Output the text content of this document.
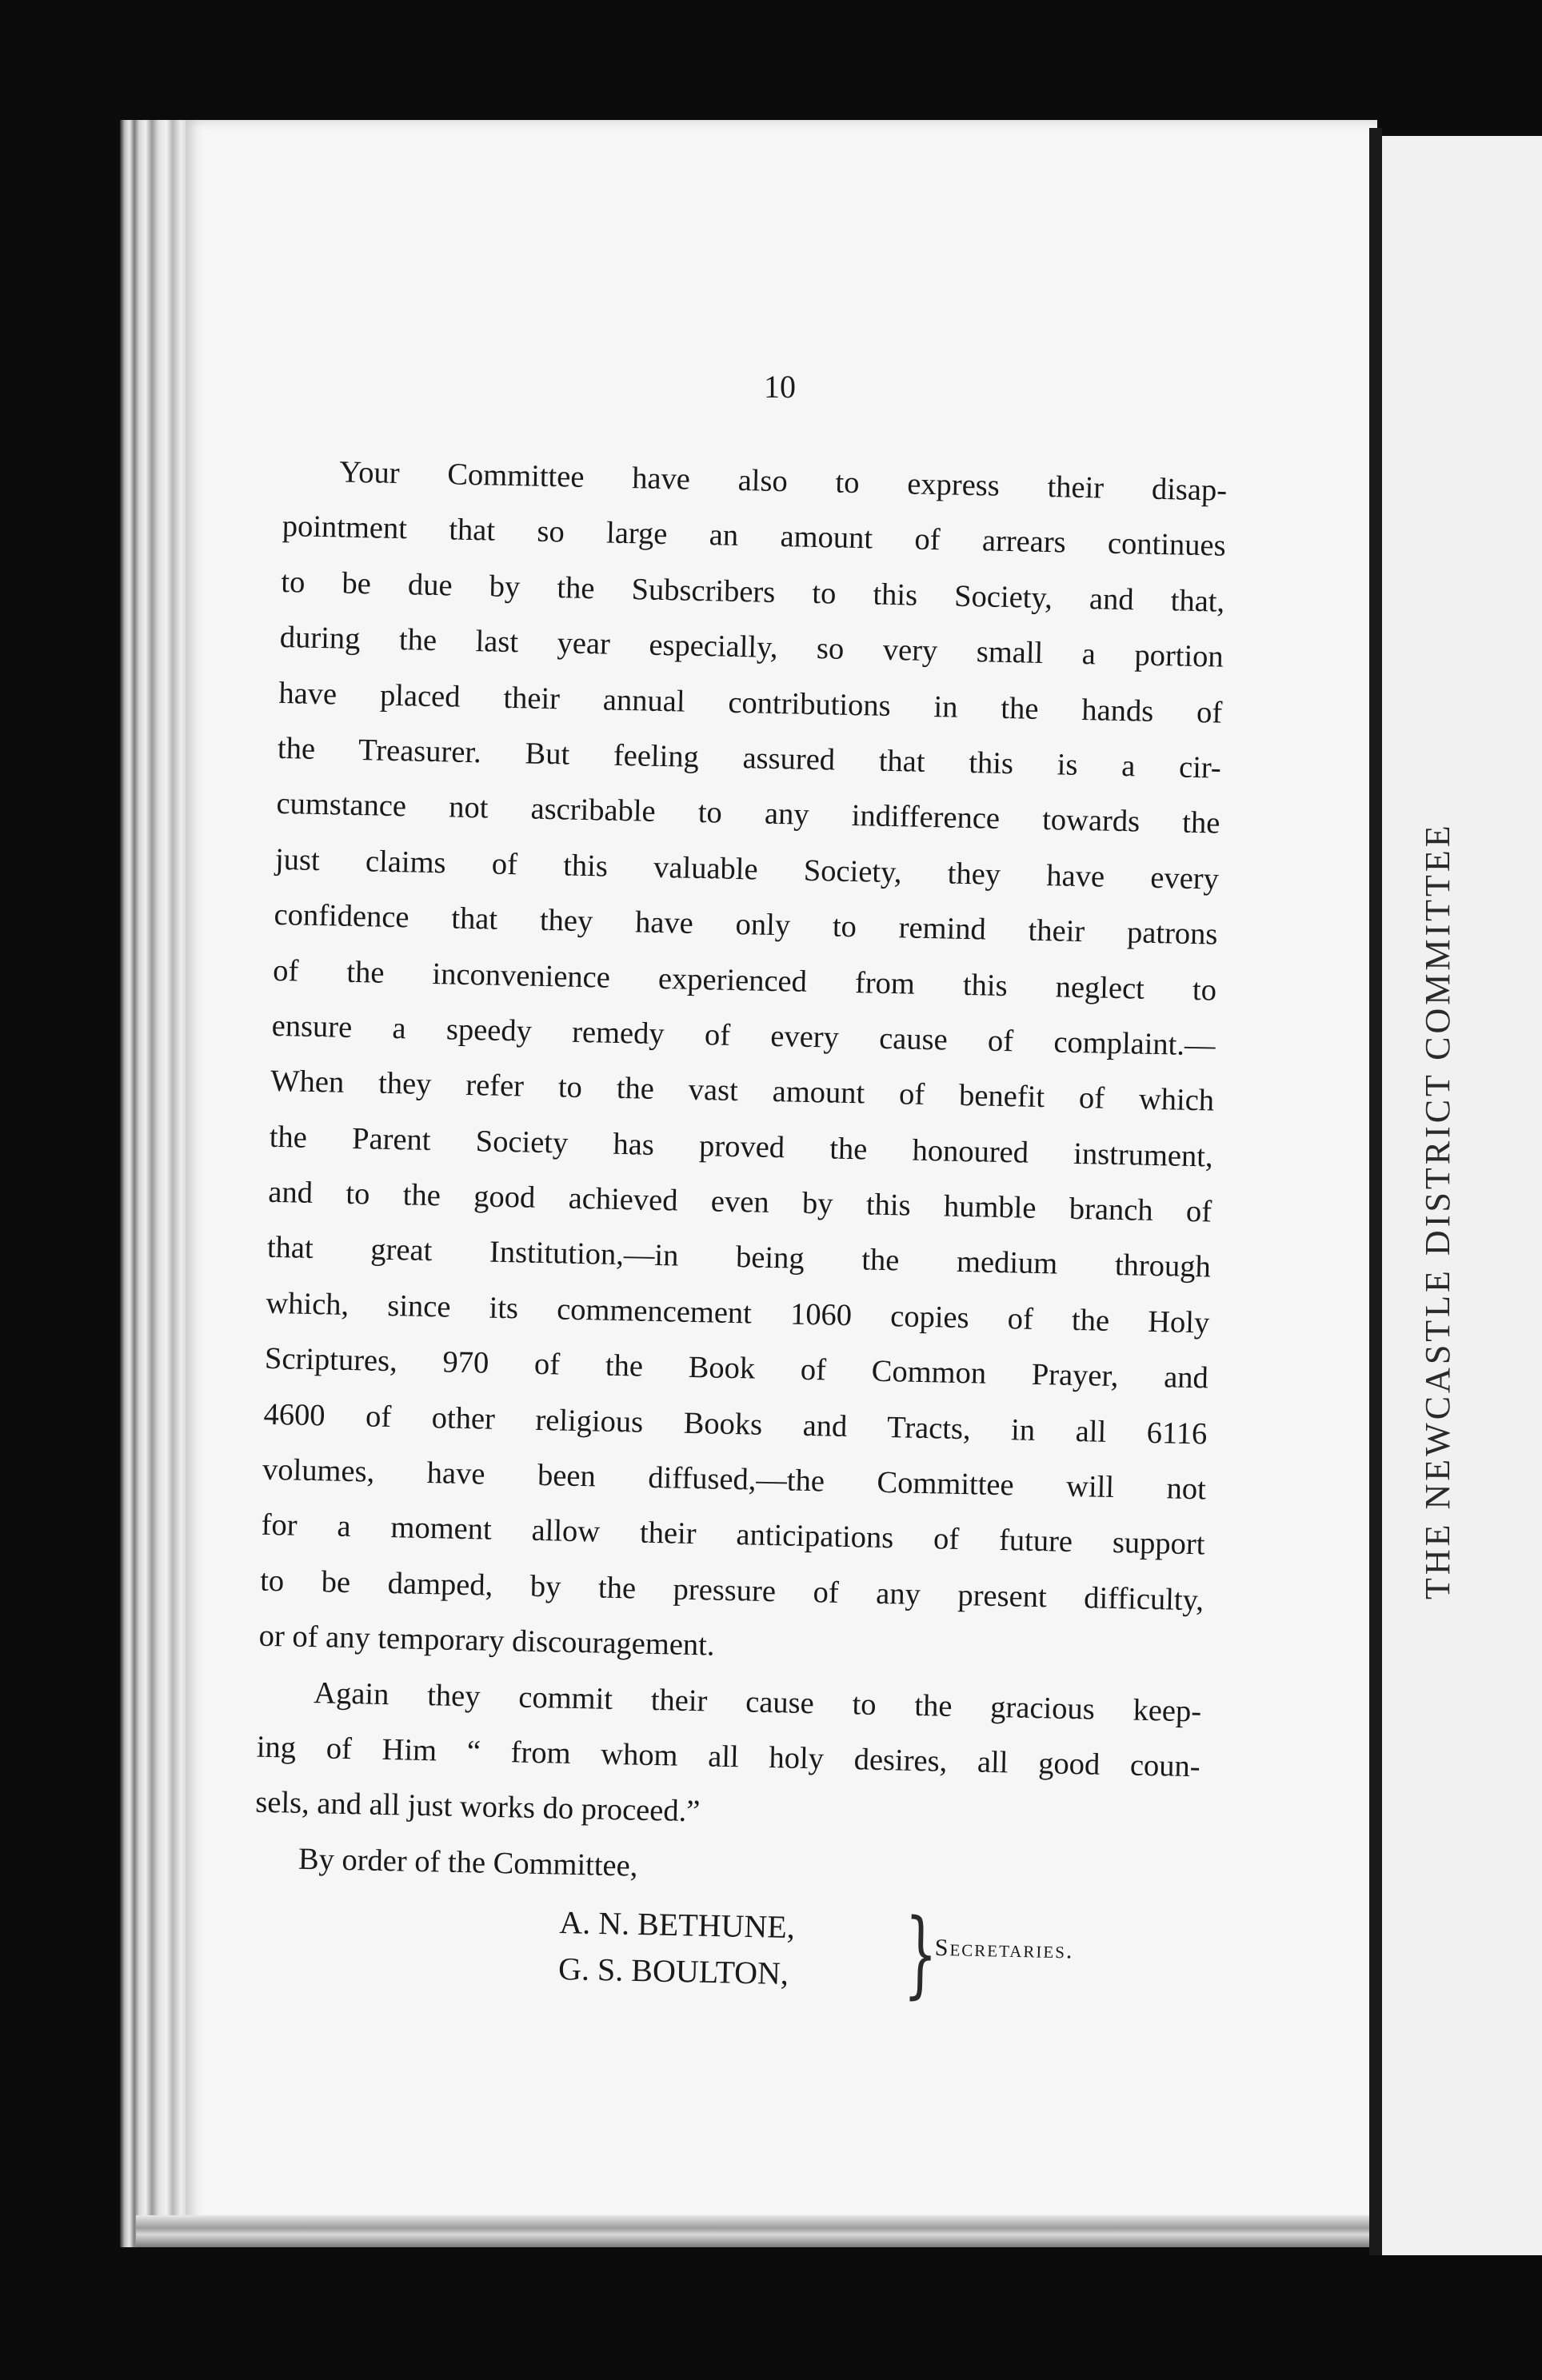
THE NEWCASTLE DISTRICT COMMITTEE
10
Your Committee have also to express their disap-
pointment that so large an amount of arrears continues
to be due by the Subscribers to this Society, and that,
during the last year especially, so very small a portion
have placed their annual contributions in the hands of
the Treasurer. But feeling assured that this is a cir-
cumstance not ascribable to any indifference towards the
just claims of this valuable Society, they have every
confidence that they have only to remind their patrons
of the inconvenience experienced from this neglect to
ensure a speedy remedy of every cause of complaint.—
When they refer to the vast amount of benefit of which
the Parent Society has proved the honoured instrument,
and to the good achieved even by this humble branch of
that great Institution,—in being the medium through
which, since its commencement 1060 copies of the Holy
Scriptures, 970 of the Book of Common Prayer, and
4600 of other religious Books and Tracts, in all 6116
volumes, have been diffused,—the Committee will not
for a moment allow their anticipations of future support
to be damped, by the pressure of any present difficulty,
or of any temporary discouragement.
Again they commit their cause to the gracious keep-
ing of Him “ from whom all holy desires, all good coun-
sels, and all just works do proceed.”
By order of the Committee,
A. N. BETHUNE,
G. S. BOULTON, }
Secretaries.
